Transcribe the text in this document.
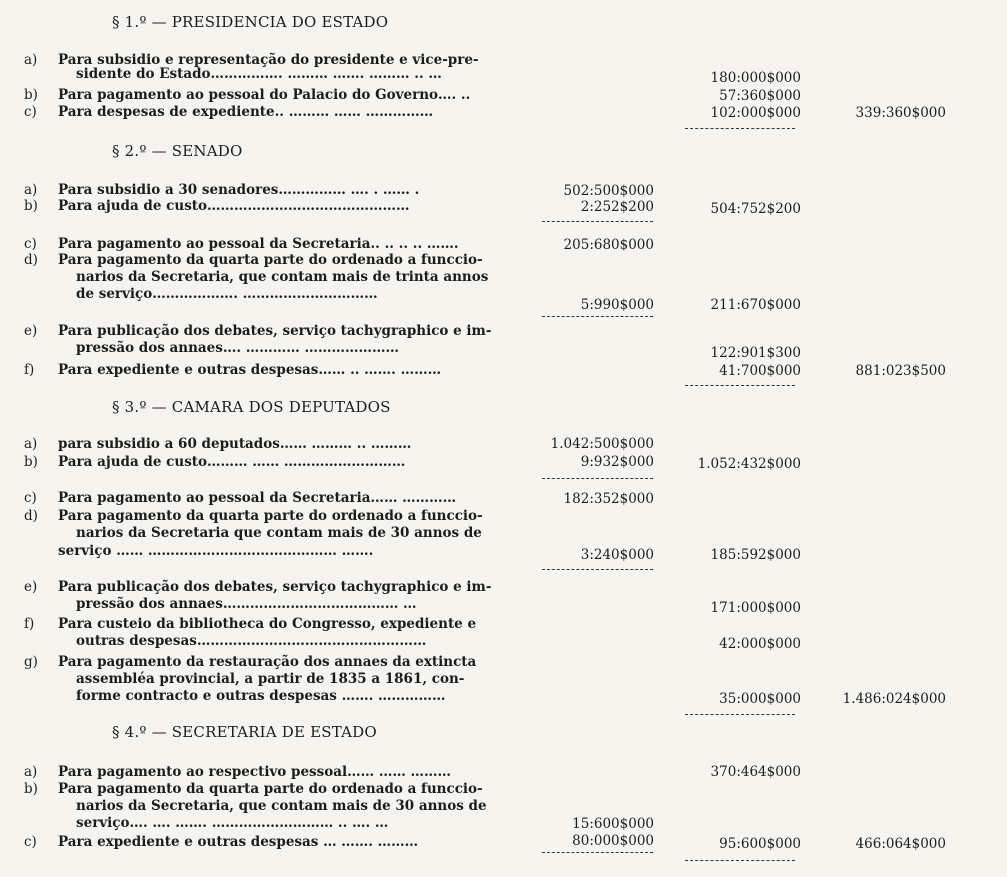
§ 1.º — PRESIDENCIA DO ESTADO
a) Para subsidio e representação do presidente e vice-pre-
sidente do Estado……………. ……… ……. ……… .. …	180:000$000
b) Para pagamento ao pessoal do Palacio do Governo…. ..	57:360$000
c) Para despesas de expediente.. ……… …… ……………	102:000$000	339:360$000
§ 2.º — SENADO
a) Para subsidio a 30 senadores…………… …. . …… .	502:500$000
b) Para ajuda de custo………………………………………	2:252$200	504:752$200
c) Para pagamento ao pessoal da Secretaria.. .. .. .. …….	205:680$000
d) Para pagamento da quarta parte do ordenado a funccio-
narios da Secretaria, que contam mais de trinta annos
de serviço………………. …………………………
5:990$000	211:670$000
e) Para publicação dos debates, serviço tachygraphico e im-
pressão dos annaes…. ………… …………………	122:901$300
f) Para expediente e outras despesas…… .. ……. ………	41:700$000	881:023$500
§ 3.º — CAMARA DOS DEPUTADOS
a) para subsidio a 60 deputados…… ……… .. ………	1.042:500$000
b) Para ajuda de custo……… …… ………………………	9:932$000	1.052:432$000
c) Para pagamento ao pessoal da Secretaria…… …………	182:352$000
d) Para pagamento da quarta parte do ordenado a funccio-
narios da Secretaria que contam mais de 30 annos de
serviço …… …………………………………… …….	3:240$000	185:592$000
e) Para publicação dos debates, serviço tachygraphico e im-
pressão dos annaes………………………………… …	171:000$000
f) Para custeio da bibliotheca do Congresso, expediente e
outras despesas……………………………………………	42:000$000
g) Para pagamento da restauração dos annaes da extincta
assembléa provincial, a partir de 1835 a 1861, con-
forme contracto e outras despesas ……. ……………	35:000$000	1.486:024$000
§ 4.º — SECRETARIA DE ESTADO
a) Para pagamento ao respectivo pessoal…… …… ………	370:464$000
b) Para pagamento da quarta parte do ordenado a funccio-
narios da Secretaria, que contam mais de 30 annos de
serviço…. …. ……. ……………………… .. …. …	15:600$000
c) Para expediente e outras despesas … ……. ………	80:000$000	95:600$000	466:064$000
